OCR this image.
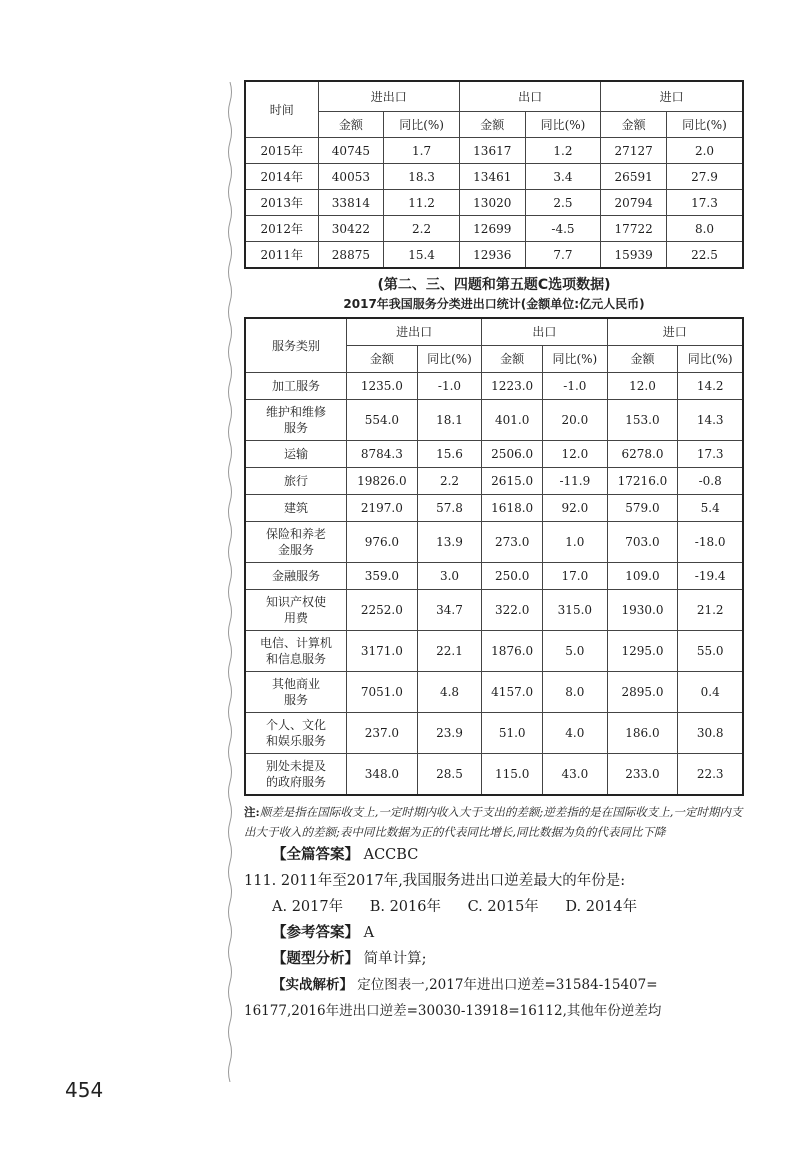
时间	进出口		出口		进口	
	金额	同比(%)	金额	同比(%)	金额	同比(%)
2015年	40745	1.7	13617	1.2	27127	2.0
2014年	40053	18.3	13461	3.4	26591	27.9
2013年	33814	11.2	13020	2.5	20794	17.3
2012年	30422	2.2	12699	-4.5	17722	8.0
2011年	28875	15.4	12936	7.7	15939	22.5
(第二、三、四题和第五题C选项数据)
2017年我国服务分类进出口统计(金额单位:亿元人民币)
服务类别	进出口		出口		进口	
	金额	同比(%)	金额	同比(%)	金额	同比(%)

加工服务	1235.0	-1.0	1223.0	-1.0	12.0	14.2

维护和维修
服务	554.0	18.1	401.0	20.0	153.0	14.3

运输	8784.3	15.6	2506.0	12.0	6278.0	17.3

旅行	19826.0	2.2	2615.0	-11.9	17216.0	-0.8

建筑	2197.0	57.8	1618.0	92.0	579.0	5.4

保险和养老
金服务	976.0	13.9	273.0	1.0	703.0	-18.0

金融服务	359.0	3.0	250.0	17.0	109.0	-19.4

知识产权使
用费	2252.0	34.7	322.0	315.0	1930.0	21.2

电信、计算机
和信息服务	3171.0	22.1	1876.0	5.0	1295.0	55.0

其他商业
服务	7051.0	4.8	4157.0	8.0	2895.0	0.4

个人、文化
和娱乐服务	237.0	23.9	51.0	4.0	186.0	30.8

别处未提及
的政府服务	348.0	28.5	115.0	43.0	233.0	22.3
注:顺差是指在国际收支上,一定时期内收入大于支出的差额;逆差指的是在国际收支上,一定时期内支出大于收入的差额;表中同比数据为正的代表同比增长,同比数据为负的代表同比下降
【全篇答案】 ACCBC
111. 2011年至2017年,我国服务进出口逆差最大的年份是:
A. 2017年 B. 2016年 C. 2015年 D. 2014年
【参考答案】 A
【题型分析】 简单计算;
【实战解析】 定位图表一,2017年进出口逆差=31584-15407=
16177,2016年进出口逆差=30030-13918=16112,其他年份逆差均
454
